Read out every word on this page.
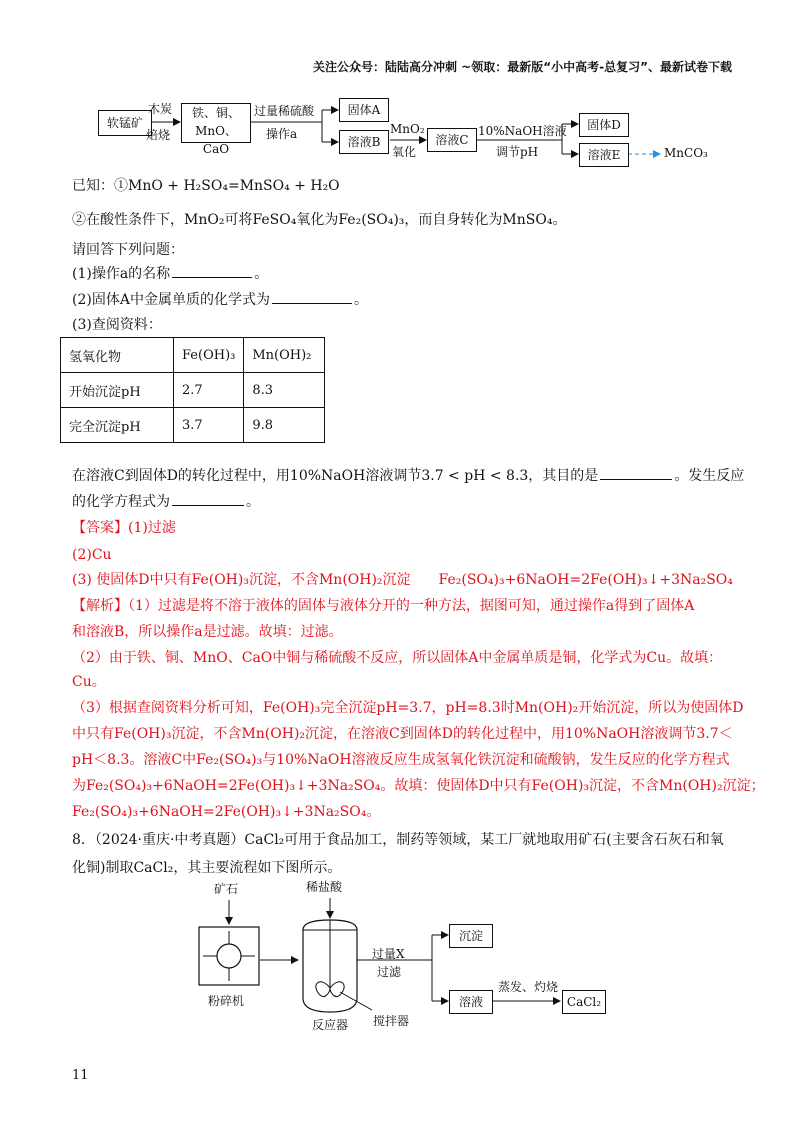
关注公众号：陆陆高分冲刺 ~领取：最新版“小中高考-总复习”、最新试卷下载
软锰矿
木炭
焙烧
铁、铜、
MnO、CaO
过量稀硫酸
操作a
固体A
溶液B
MnO₂
氧化
溶液C
10%NaOH溶液
调节pH
固体D
溶液E	MnCO₃
已知：①MnO + H₂SO₄=MnSO₄ + H₂O
②在酸性条件下，MnO₂可将FeSO₄氧化为Fe₂(SO₄)₃，而自身转化为MnSO₄。
请回答下列问题：
(1)操作a的名称	。
(2)固体A中金属单质的化学式为	。
(3)查阅资料：
氢氧化物	Fe(OH)₃	Mn(OH)₂
开始沉淀pH	2.7	8.3
完全沉淀pH	3.7	9.8
在溶液C到固体D的转化过程中，用10%NaOH溶液调节3.7 < pH < 8.3，其目的是	。发生反应
的化学方程式为	。
【答案】(1)过滤
(2)Cu
(3) 使固体D中只有Fe(OH)₃沉淀，不含Mn(OH)₂沉淀　　Fe₂(SO₄)₃+6NaOH=2Fe(OH)₃↓+3Na₂SO₄
【解析】（1）过滤是将不溶于液体的固体与液体分开的一种方法，据图可知，通过操作a得到了固体A
和溶液B，所以操作a是过滤。故填：过滤。
（2）由于铁、铜、MnO、CaO中铜与稀硫酸不反应，所以固体A中金属单质是铜，化学式为Cu。故填：
Cu。
（3）根据查阅资料分析可知，Fe(OH)₃完全沉淀pH=3.7，pH=8.3时Mn(OH)₂开始沉淀，所以为使固体D
中只有Fe(OH)₃沉淀，不含Mn(OH)₂沉淀，在溶液C到固体D的转化过程中，用10%NaOH溶液调节3.7＜
pH＜8.3。溶液C中Fe₂(SO₄)₃与10%NaOH溶液反应生成氢氧化铁沉淀和硫酸钠，发生反应的化学方程式
为Fe₂(SO₄)₃+6NaOH=2Fe(OH)₃↓+3Na₂SO₄。故填：使固体D中只有Fe(OH)₃沉淀，不含Mn(OH)₂沉淀；
Fe₂(SO₄)₃+6NaOH=2Fe(OH)₃↓+3Na₂SO₄。
8．（2024·重庆·中考真题）CaCl₂可用于食品加工，制药等领域，某工厂就地取用矿石(主要含石灰石和氧
化铜)制取CaCl₂，其主要流程如下图所示。
矿石	稀盐酸
粉碎机
反应器
过量X
过滤
沉淀
溶液
蒸发、灼烧
CaCl₂
搅拌器
11
